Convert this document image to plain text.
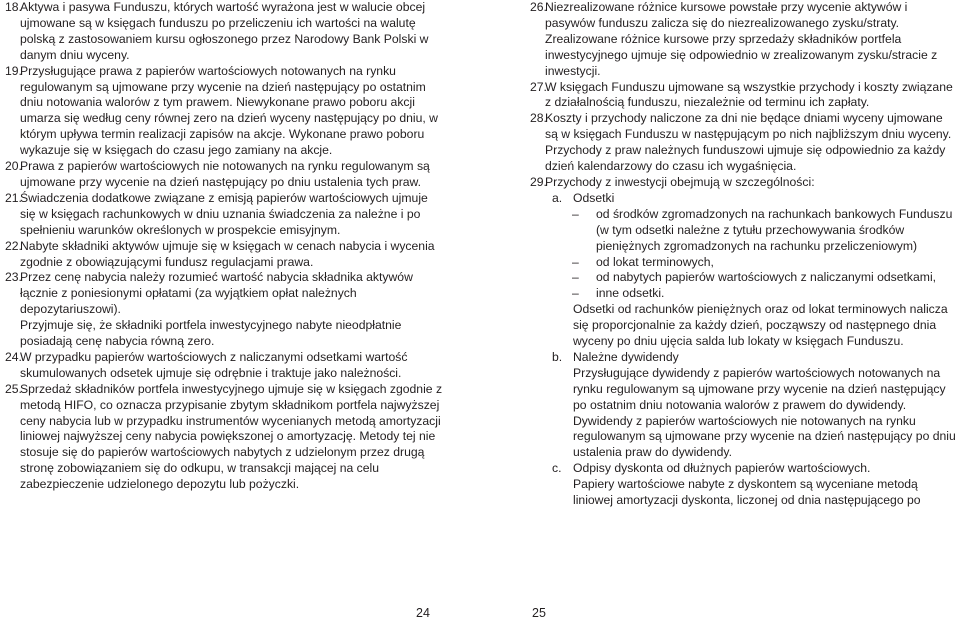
18.

Aktywa i pasywa Funduszu, których wartość wyrażona jest w walucie obcej ujmowane są w księgach funduszu po przeliczeniu ich wartości na walutę polską z zastosowaniem kursu ogłoszonego przez Narodowy Bank Polski w danym dniu wyceny.

19.

Przysługujące prawa z papierów wartościowych notowanych na rynku regulowanym są ujmowane przy wycenie na dzień następujący po ostatnim dniu notowania walorów z tym prawem. Niewykonane prawo poboru akcji umarza się według ceny równej zero na dzień wyceny następujący po dniu, w którym upływa termin realizacji zapisów na akcje. Wykonane prawo poboru wykazuje się w księgach do czasu jego zamiany na akcje.

20.

Prawa z papierów wartościowych nie notowanych na rynku regulowanym są ujmowane przy wycenie na dzień następujący po dniu ustalenia tych praw.

21.

Świadczenia dodatkowe związane z emisją papierów wartościowych ujmuje się w księgach rachunkowych w dniu uznania świadczenia za należne i po spełnieniu warunków określonych w prospekcie emisyjnym.

22.

Nabyte składniki aktywów ujmuje się w księgach w cenach nabycia i wycenia zgodnie z obowiązującymi fundusz regulacjami prawa.

23.

Przez cenę nabycia należy rozumieć wartość nabycia składnika aktywów łącznie z poniesionymi opłatami (za wyjątkiem opłat należnych depozytariuszowi).

Przyjmuje się, że składniki portfela inwestycyjnego nabyte nieodpłatnie posiadają cenę nabycia równą zero.

24.

W przypadku papierów wartościowych z naliczanymi odsetkami wartość skumulowanych odsetek ujmuje się odrębnie i traktuje jako należności.

25.

Sprzedaż składników portfela inwestycyjnego ujmuje się w księgach zgodnie z metodą HIFO, co oznacza przypisanie zbytym składnikom portfela najwyższej ceny nabycia lub w przypadku instrumentów wycenianych metodą amortyzacji liniowej najwyższej ceny nabycia powiększonej o amortyzację. Metody tej nie stosuje się do papierów wartościowych nabytych z udzielonym przez drugą stronę zobowiązaniem się do odkupu, w transakcji mającej na celu zabezpieczenie udzielonego depozytu lub pożyczki.

26.

Niezrealizowane różnice kursowe powstałe przy wycenie aktywów i pasywów funduszu zalicza się do niezrealizowanego zysku/straty. Zrealizowane różnice kursowe przy sprzedaży składników portfela inwestycyjnego ujmuje się odpowiednio w zrealizowanym zysku/stracie z inwestycji.

27.

W księgach Funduszu ujmowane są wszystkie przychody i koszty związane z działalnością funduszu, niezależnie od terminu ich zapłaty.

28.

Koszty i przychody naliczone za dni nie będące dniami wyceny ujmowane są w księgach Funduszu w następującym po nich najbliższym dniu wyceny. Przychody z praw należnych funduszowi ujmuje się odpowiednio za każdy dzień kalendarzowy do czasu ich wygaśnięcia.

29.

Przychody z inwestycji obejmują w szczególności:

a. Odsetki

– od środków zgromadzonych na rachunkach bankowych Funduszu (w tym odsetki należne z tytułu przechowywania środków pieniężnych zgromadzonych na rachunku przeliczeniowym)

– od lokat terminowych,

– od nabytych papierów wartościowych z naliczanymi odsetkami,

– inne odsetki.

Odsetki od rachunków pieniężnych oraz od lokat terminowych nalicza się proporcjonalnie za każdy dzień, począwszy od następnego dnia wyceny po dniu ujęcia salda lub lokaty w księgach Funduszu.

b. Należne dywidendy

Przysługujące dywidendy z papierów wartościowych notowanych na rynku regulowanym są ujmowane przy wycenie na dzień następujący po ostatnim dniu notowania walorów z prawem do dywidendy.

Dywidendy z papierów wartościowych nie notowanych na rynku regulowanym są ujmowane przy wycenie na dzień następujący po dniu ustalenia praw do dywidendy.

c. Odpisy dyskonta od dłużnych papierów wartościowych.

Papiery wartościowe nabyte z dyskontem są wyceniane metodą liniowej amortyzacji dyskonta, liczonej od dnia następującego po

24	25
